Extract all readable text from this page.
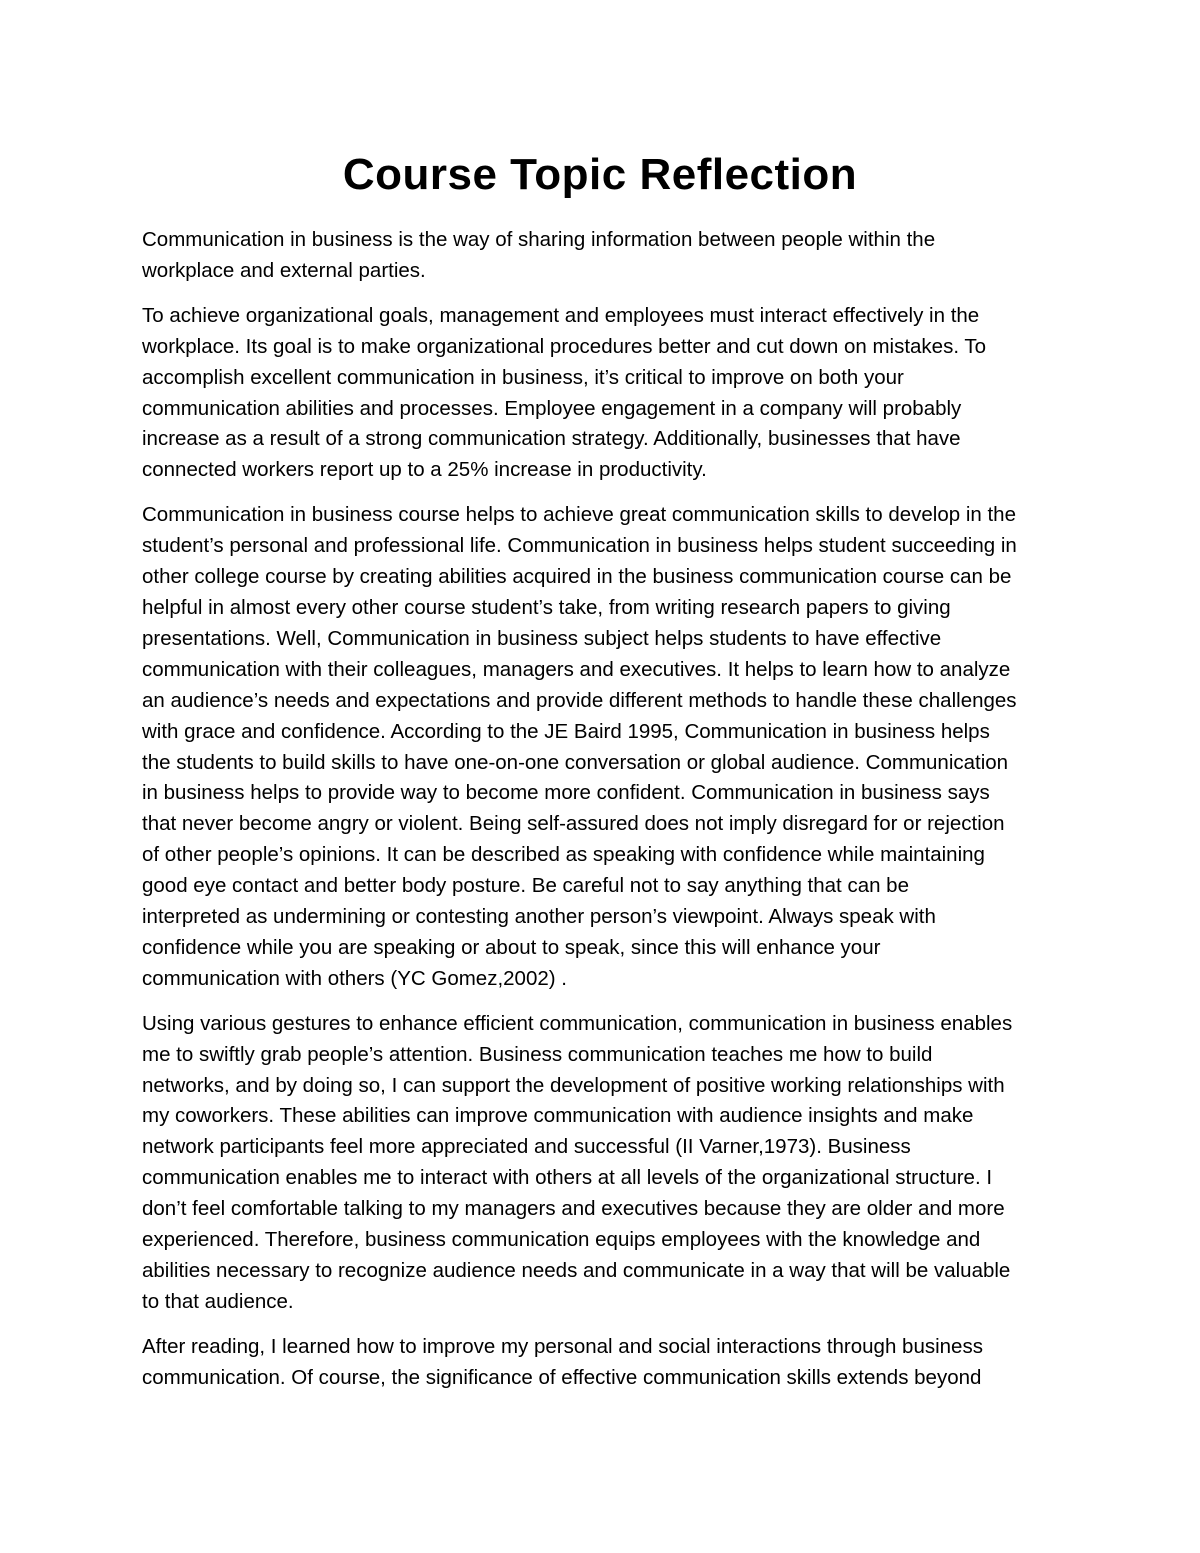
Course Topic Reflection

Communication in business is the way of sharing information between people within the
workplace and external parties.

To achieve organizational goals, management and employees must interact effectively in the
workplace. Its goal is to make organizational procedures better and cut down on mistakes. To
accomplish excellent communication in business, it’s critical to improve on both your
communication abilities and processes. Employee engagement in a company will probably
increase as a result of a strong communication strategy. Additionally, businesses that have
connected workers report up to a 25% increase in productivity.

Communication in business course helps to achieve great communication skills to develop in the
student’s personal and professional life. Communication in business helps student succeeding in
other college course by creating abilities acquired in the business communication course can be
helpful in almost every other course student’s take, from writing research papers to giving
presentations. Well, Communication in business subject helps students to have effective
communication with their colleagues, managers and executives. It helps to learn how to analyze
an audience’s needs and expectations and provide different methods to handle these challenges
with grace and confidence. According to the JE Baird 1995, Communication in business helps
the students to build skills to have one-on-one conversation or global audience. Communication
in business helps to provide way to become more confident. Communication in business says
that never become angry or violent. Being self-assured does not imply disregard for or rejection
of other people’s opinions. It can be described as speaking with confidence while maintaining
good eye contact and better body posture. Be careful not to say anything that can be
interpreted as undermining or contesting another person’s viewpoint. Always speak with
confidence while you are speaking or about to speak, since this will enhance your
communication with others (YC Gomez,2002) .

Using various gestures to enhance efficient communication, communication in business enables
me to swiftly grab people’s attention. Business communication teaches me how to build
networks, and by doing so, I can support the development of positive working relationships with
my coworkers. These abilities can improve communication with audience insights and make
network participants feel more appreciated and successful (II Varner,1973). Business
communication enables me to interact with others at all levels of the organizational structure. I
don’t feel comfortable talking to my managers and executives because they are older and more
experienced. Therefore, business communication equips employees with the knowledge and
abilities necessary to recognize audience needs and communicate in a way that will be valuable
to that audience.

After reading, I learned how to improve my personal and social interactions through business
communication. Of course, the significance of effective communication skills extends beyond
